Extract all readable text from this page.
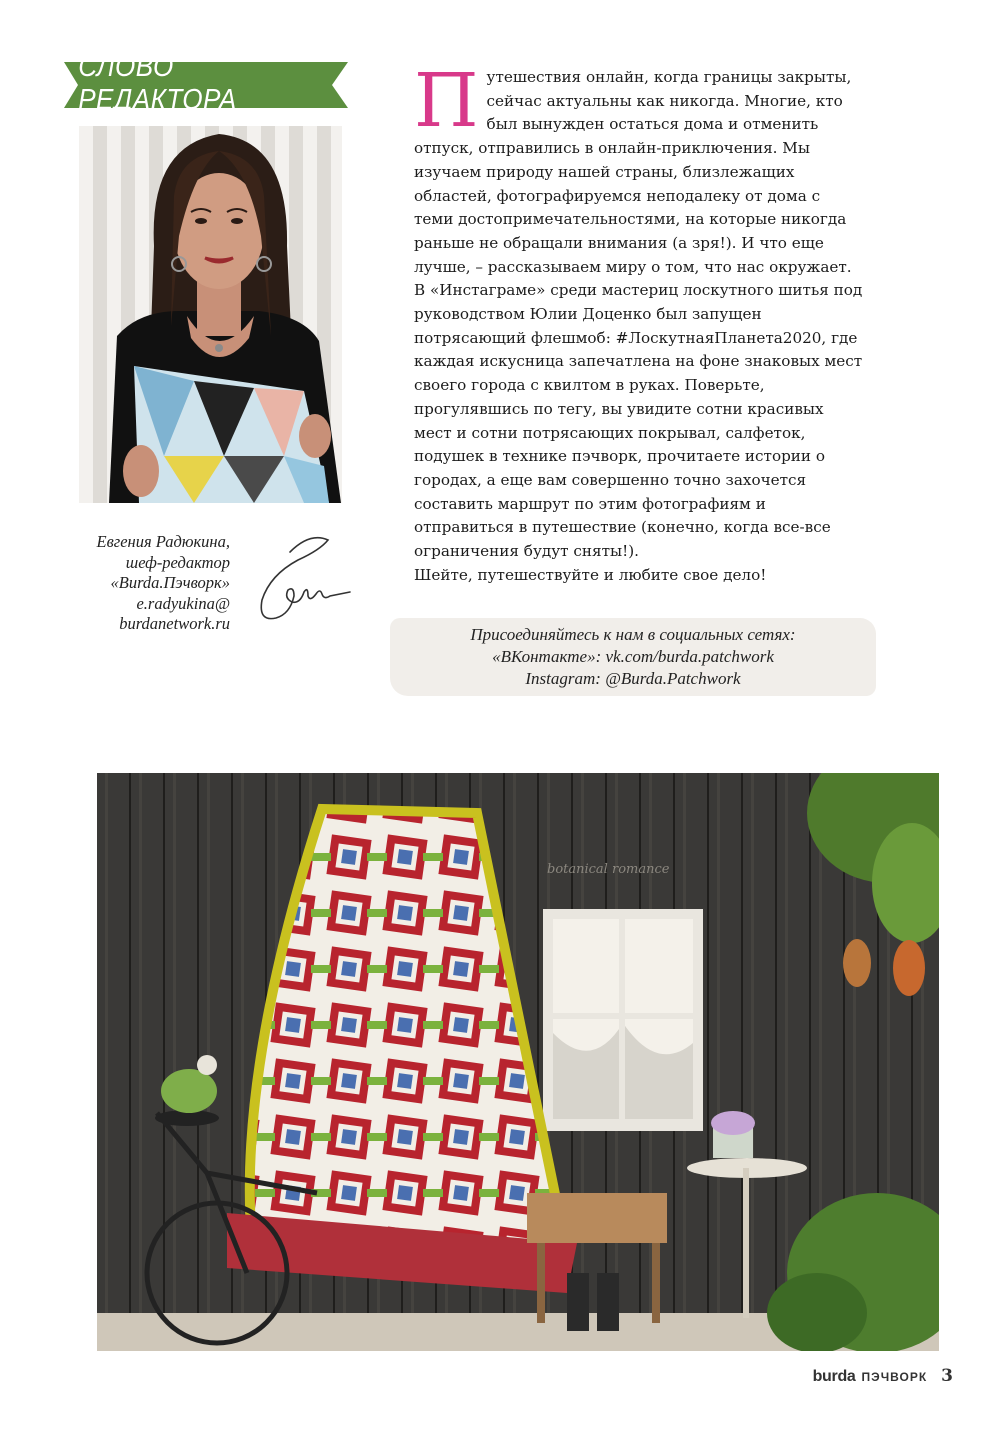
СЛОВО РЕДАКТОРА
Евгения Радюкина,
шеф-редактор
«Burda.Пэчворк»
e.radyukina@
burdanetwork.ru

Путешествия онлайн, когда границы закрыты, сейчас актуальны как никогда. Многие, кто был вынужден остаться дома и отменить отпуск, отправились в онлайн-приключения. Мы изучаем природу нашей страны, близлежащих областей, фотографируемся неподалеку от дома с теми достопримечательностями, на которые никогда раньше не обращали внимания (а зря!). И что еще лучше, – рассказываем миру о том, что нас окружает. В «Инстаграме» среди мастериц лоскутного шитья под руководством Юлии Доценко был запущен потрясающий флешмоб: #ЛоскутнаяПланета2020, где каждая искусница запечатлена на фоне знаковых мест своего города с квилтом в руках. Поверьте, прогулявшись по тегу, вы увидите сотни красивых мест и сотни потрясающих покрывал, салфеток, подушек в технике пэчворк, прочитаете истории о городах, а еще вам совершенно точно захочется составить маршрут по этим фотографиям и отправиться в путешествие (конечно, когда все-все ограничения будут сняты!).

Шейте, путешествуйте и любите свое дело!

Присоединяйтесь к нам в социальных сетях:
«ВКонтакте»: vk.com/burda.patchwork
Instagram: @Burda.Patchwork
botanical romance
burda ПЭЧВОРК 3
